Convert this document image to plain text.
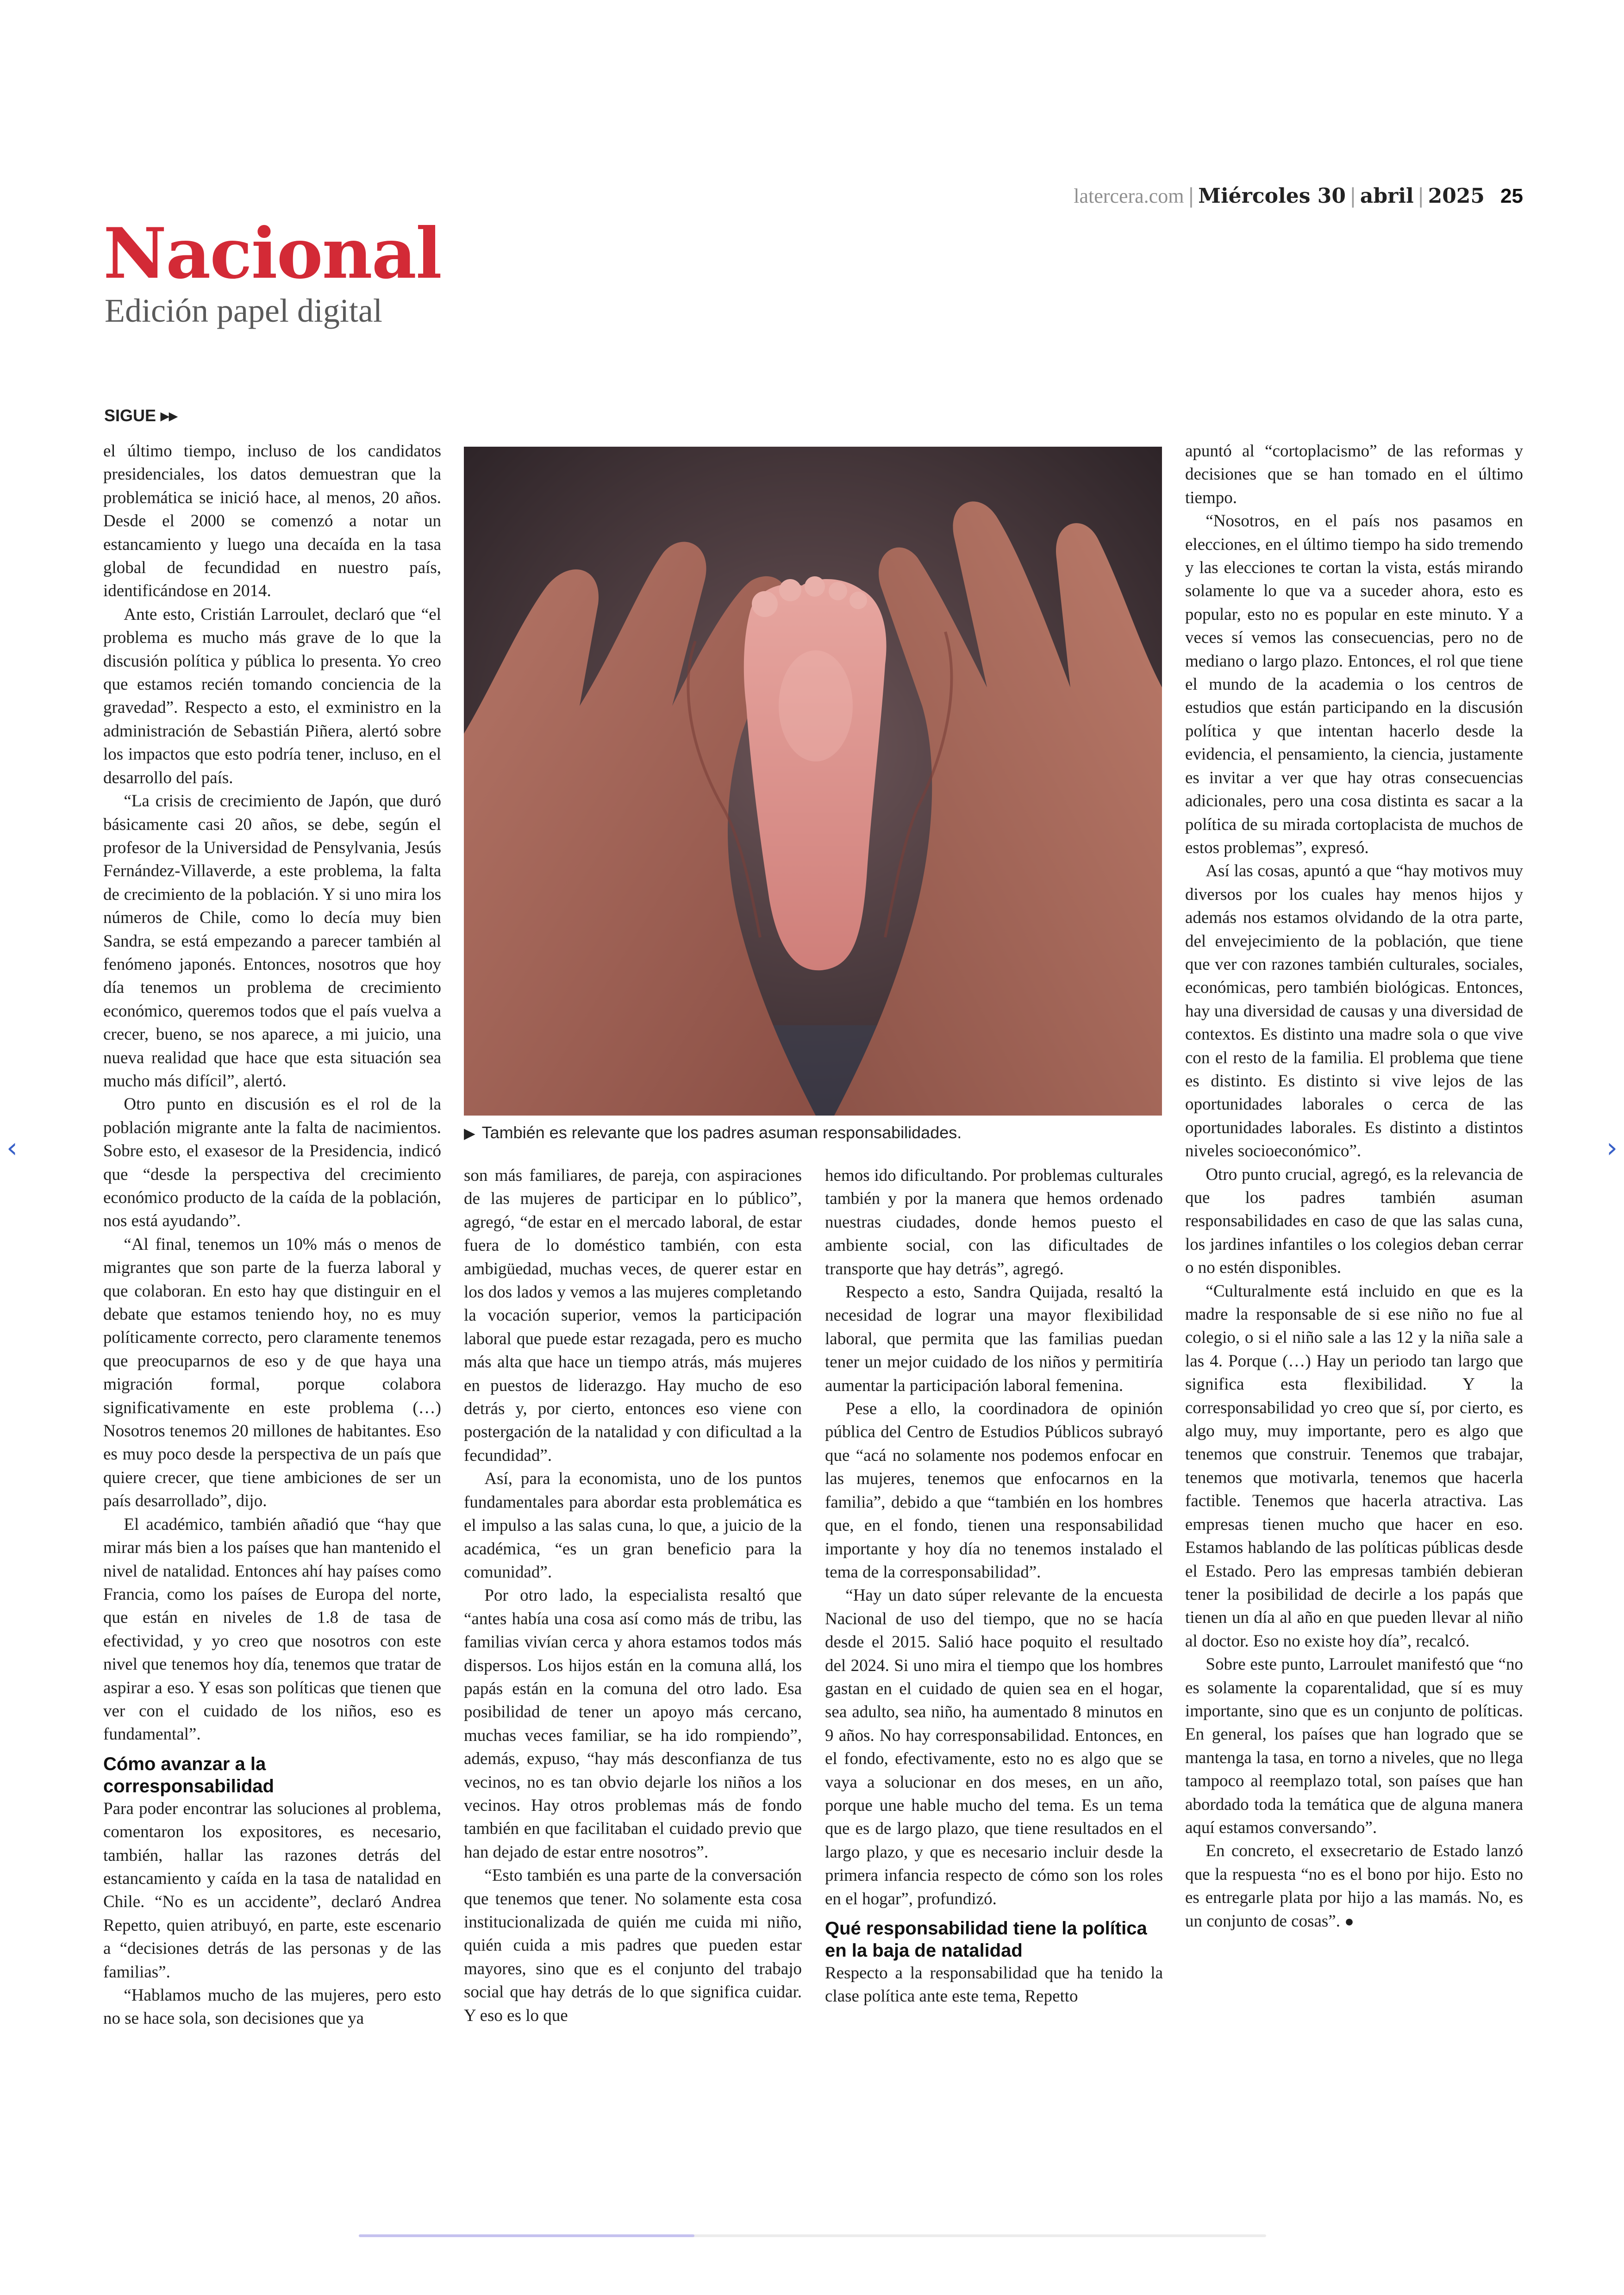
latercera.com | Miércoles 30 | abril | 2025 25
Nacional
Edición papel digital
SIGUE ▸▸
▶ También es relevante que los padres asuman responsabilidades.

el último tiempo, incluso de los candidatos presidenciales, los datos demuestran que la problemática se inició hace, al menos, 20 años. Desde el 2000 se comenzó a notar un estancamiento y luego una decaída en la tasa global de fecundidad en nuestro país, identificándose en 2014.

Ante esto, Cristián Larroulet, declaró que “el problema es mucho más grave de lo que la discusión política y pública lo presenta. Yo creo que estamos recién tomando conciencia de la gravedad”. Respecto a esto, el exministro en la administración de Sebastián Piñera, alertó sobre los impactos que esto podría tener, incluso, en el desarrollo del país.

“La crisis de crecimiento de Japón, que duró básicamente casi 20 años, se debe, según el profesor de la Universidad de Pensylvania, Jesús Fernández-Villaverde, a este problema, la falta de crecimiento de la población. Y si uno mira los números de Chile, como lo decía muy bien Sandra, se está empezando a parecer también al fenómeno japonés. Entonces, nosotros que hoy día tenemos un problema de crecimiento económico, queremos todos que el país vuelva a crecer, bueno, se nos aparece, a mi juicio, una nueva realidad que hace que esta situación sea mucho más difícil”, alertó.

Otro punto en discusión es el rol de la población migrante ante la falta de nacimientos. Sobre esto, el exasesor de la Presidencia, indicó que “desde la perspectiva del crecimiento económico producto de la caída de la población, nos está ayudando”.

“Al final, tenemos un 10% más o menos de migrantes que son parte de la fuerza laboral y que colaboran. En esto hay que distinguir en el debate que estamos teniendo hoy, no es muy políticamente correcto, pero claramente tenemos que preocuparnos de eso y de que haya una migración formal, porque colabora significativamente en este problema (…) Nosotros tenemos 20 millones de habitantes. Eso es muy poco desde la perspectiva de un país que quiere crecer, que tiene ambiciones de ser un país desarrollado”, dijo.

El académico, también añadió que “hay que mirar más bien a los países que han mantenido el nivel de natalidad. Entonces ahí hay países como Francia, como los países de Europa del norte, que están en niveles de 1.8 de tasa de efectividad, y yo creo que nosotros con este nivel que tenemos hoy día, tenemos que tratar de aspirar a eso. Y esas son políticas que tienen que ver con el cuidado de los niños, eso es fundamental”.

Cómo avanzar a la corresponsabilidad

Para poder encontrar las soluciones al problema, comentaron los expositores, es necesario, también, hallar las razones detrás del estancamiento y caída en la tasa de natalidad en Chile. “No es un accidente”, declaró Andrea Repetto, quien atribuyó, en parte, este escenario a “decisiones detrás de las personas y de las familias”.

“Hablamos mucho de las mujeres, pero esto no se hace sola, son decisiones que ya

son más familiares, de pareja, con aspiraciones de las mujeres de participar en lo público”, agregó, “de estar en el mercado laboral, de estar fuera de lo doméstico también, con esta ambigüedad, muchas veces, de querer estar en los dos lados y vemos a las mujeres completando la vocación superior, vemos la participación laboral que puede estar rezagada, pero es mucho más alta que hace un tiempo atrás, más mujeres en puestos de liderazgo. Hay mucho de eso detrás y, por cierto, entonces eso viene con postergación de la natalidad y con dificultad a la fecundidad”.

Así, para la economista, uno de los puntos fundamentales para abordar esta problemática es el impulso a las salas cuna, lo que, a juicio de la académica, “es un gran beneficio para la comunidad”.

Por otro lado, la especialista resaltó que “antes había una cosa así como más de tribu, las familias vivían cerca y ahora estamos todos más dispersos. Los hijos están en la comuna allá, los papás están en la comuna del otro lado. Esa posibilidad de tener un apoyo más cercano, muchas veces familiar, se ha ido rompiendo”, además, expuso, “hay más desconfianza de tus vecinos, no es tan obvio dejarle los niños a los vecinos. Hay otros problemas más de fondo también en que facilitaban el cuidado previo que han dejado de estar entre nosotros”.

“Esto también es una parte de la conversación que tenemos que tener. No solamente esta cosa institucionalizada de quién me cuida mi niño, quién cuida a mis padres que pueden estar mayores, sino que es el conjunto del trabajo social que hay detrás de lo que significa cuidar. Y eso es lo que

hemos ido dificultando. Por problemas culturales también y por la manera que hemos ordenado nuestras ciudades, donde hemos puesto el ambiente social, con las dificultades de transporte que hay detrás”, agregó.

Respecto a esto, Sandra Quijada, resaltó la necesidad de lograr una mayor flexibilidad laboral, que permita que las familias puedan tener un mejor cuidado de los niños y permitiría aumentar la participación laboral femenina.

Pese a ello, la coordinadora de opinión pública del Centro de Estudios Públicos subrayó que “acá no solamente nos podemos enfocar en las mujeres, tenemos que enfocarnos en la familia”, debido a que “también en los hombres que, en el fondo, tienen una responsabilidad importante y hoy día no tenemos instalado el tema de la corresponsabilidad”.

“Hay un dato súper relevante de la encuesta Nacional de uso del tiempo, que no se hacía desde el 2015. Salió hace poquito el resultado del 2024. Si uno mira el tiempo que los hombres gastan en el cuidado de quien sea en el hogar, sea adulto, sea niño, ha aumentado 8 minutos en 9 años. No hay corresponsabilidad. Entonces, en el fondo, efectivamente, esto no es algo que se vaya a solucionar en dos meses, en un año, porque une hable mucho del tema. Es un tema que es de largo plazo, que tiene resultados en el largo plazo, y que es necesario incluir desde la primera infancia respecto de cómo son los roles en el hogar”, profundizó.

Qué responsabilidad tiene la política en la baja de natalidad

Respecto a la responsabilidad que ha tenido la clase política ante este tema, Repetto

apuntó al “cortoplacismo” de las reformas y decisiones que se han tomado en el último tiempo.

“Nosotros, en el país nos pasamos en elecciones, en el último tiempo ha sido tremendo y las elecciones te cortan la vista, estás mirando solamente lo que va a suceder ahora, esto es popular, esto no es popular en este minuto. Y a veces sí vemos las consecuencias, pero no de mediano o largo plazo. Entonces, el rol que tiene el mundo de la academia o los centros de estudios que están participando en la discusión política y que intentan hacerlo desde la evidencia, el pensamiento, la ciencia, justamente es invitar a ver que hay otras consecuencias adicionales, pero una cosa distinta es sacar a la política de su mirada cortoplacista de muchos de estos problemas”, expresó.

Así las cosas, apuntó a que “hay motivos muy diversos por los cuales hay menos hijos y además nos estamos olvidando de la otra parte, del envejecimiento de la población, que tiene que ver con razones también culturales, sociales, económicas, pero también biológicas. Entonces, hay una diversidad de causas y una diversidad de contextos. Es distinto una madre sola o que vive con el resto de la familia. El problema que tiene es distinto. Es distinto si vive lejos de las oportunidades laborales o cerca de las oportunidades laborales. Es distinto a distintos niveles socioeconómico”.

Otro punto crucial, agregó, es la relevancia de que los padres también asuman responsabilidades en caso de que las salas cuna, los jardines infantiles o los colegios deban cerrar o no estén disponibles.

“Culturalmente está incluido en que es la madre la responsable de si ese niño no fue al colegio, o si el niño sale a las 12 y la niña sale a las 4. Porque (…) Hay un periodo tan largo que significa esta flexibilidad. Y la corresponsabilidad yo creo que sí, por cierto, es algo muy, muy importante, pero es algo que tenemos que construir. Tenemos que trabajar, tenemos que motivarla, tenemos que hacerla factible. Tenemos que hacerla atractiva. Las empresas tienen mucho que hacer en eso. Estamos hablando de las políticas públicas desde el Estado. Pero las empresas también debieran tener la posibilidad de decirle a los papás que tienen un día al año en que pueden llevar al niño al doctor. Eso no existe hoy día”, recalcó.

Sobre este punto, Larroulet manifestó que “no es solamente la coparentalidad, que sí es muy importante, sino que es un conjunto de políticas. En general, los países que han logrado que se mantenga la tasa, en torno a niveles, que no llega tampoco al reemplazo total, son países que han abordado toda la temática que de alguna manera aquí estamos conversando”.

En concreto, el exsecretario de Estado lanzó que la respuesta “no es el bono por hijo. Esto no es entregarle plata por hijo a las mamás. No, es un conjunto de cosas”. ●

‹	›
